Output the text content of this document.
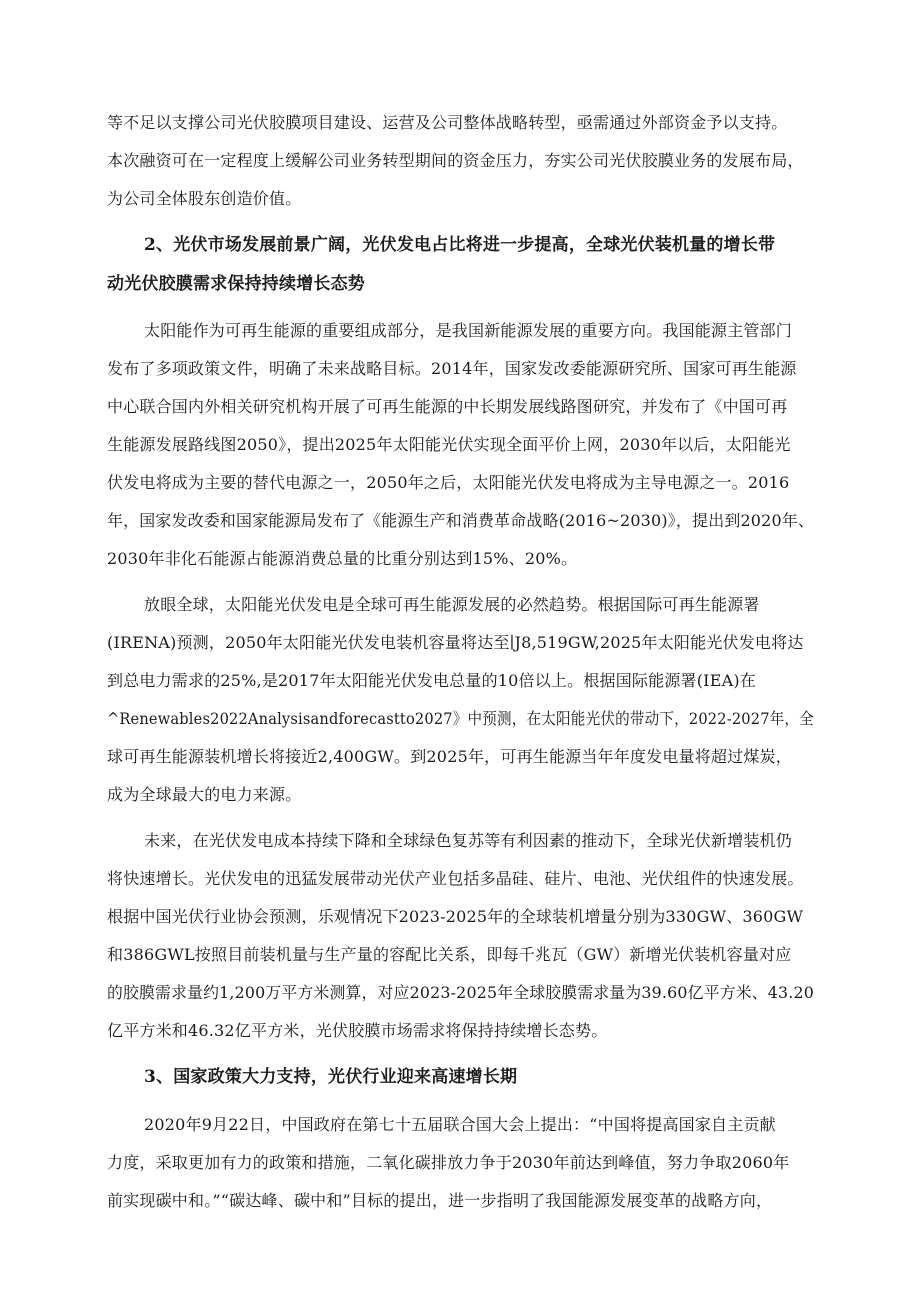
等不足以支撑公司光伏胶膜项目建设、运营及公司整体战略转型，亟需通过外部资金予以支持。
本次融资可在一定程度上缓解公司业务转型期间的资金压力，夯实公司光伏胶膜业务的发展布局，
为公司全体股东创造价值。
2、光伏市场发展前景广阔，光伏发电占比将进一步提高，全球光伏装机量的增长带
动光伏胶膜需求保持持续增长态势
太阳能作为可再生能源的重要组成部分，是我国新能源发展的重要方向。我国能源主管部门
发布了多项政策文件，明确了未来战略目标。2014年，国家发改委能源研究所、国家可再生能源
中心联合国内外相关研究机构开展了可再生能源的中长期发展线路图研究，并发布了《中国可再
生能源发展路线图2050》，提出2025年太阳能光伏实现全面平价上网，2030年以后，太阳能光
伏发电将成为主要的替代电源之一，2050年之后，太阳能光伏发电将成为主导电源之一。2016
年，国家发改委和国家能源局发布了《能源生产和消费革命战略(2016~2030)》，提出到2020年、
2030年非化石能源占能源消费总量的比重分别达到15%、20%。
放眼全球，太阳能光伏发电是全球可再生能源发展的必然趋势。根据国际可再生能源署
(IRENA)预测，2050年太阳能光伏发电装机容量将达至∣J8,519GW,2025年太阳能光伏发电将达
到总电力需求的25%,是2017年太阳能光伏发电总量的10倍以上。根据国际能源署(IEA)在
^Renewables2022Analysisandforecastto2027》中预测，在太阳能光伏的带动下，2022-2027年，全
球可再生能源装机增长将接近2,400GW。到2025年，可再生能源当年年度发电量将超过煤炭，
成为全球最大的电力来源。
未来，在光伏发电成本持续下降和全球绿色复苏等有利因素的推动下，全球光伏新增装机仍
将快速增长。光伏发电的迅猛发展带动光伏产业包括多晶硅、硅片、电池、光伏组件的快速发展。
根据中国光伏行业协会预测，乐观情况下2023-2025年的全球装机增量分别为330GW、360GW
和386GWL按照目前装机量与生产量的容配比关系，即每千兆瓦（GW）新增光伏装机容量对应
的胶膜需求量约1,200万平方米测算，对应2023-2025年全球胶膜需求量为39.60亿平方米、43.20
亿平方米和46.32亿平方米，光伏胶膜市场需求将保持持续增长态势。
3、国家政策大力支持，光伏行业迎来高速增长期
2020年9月22日，中国政府在第七十五届联合国大会上提出：“中国将提高国家自主贡献
力度，采取更加有力的政策和措施，二氧化碳排放力争于2030年前达到峰值，努力争取2060年
前实现碳中和。”“碳达峰、碳中和”目标的提出，进一步指明了我国能源发展变革的战略方向，
